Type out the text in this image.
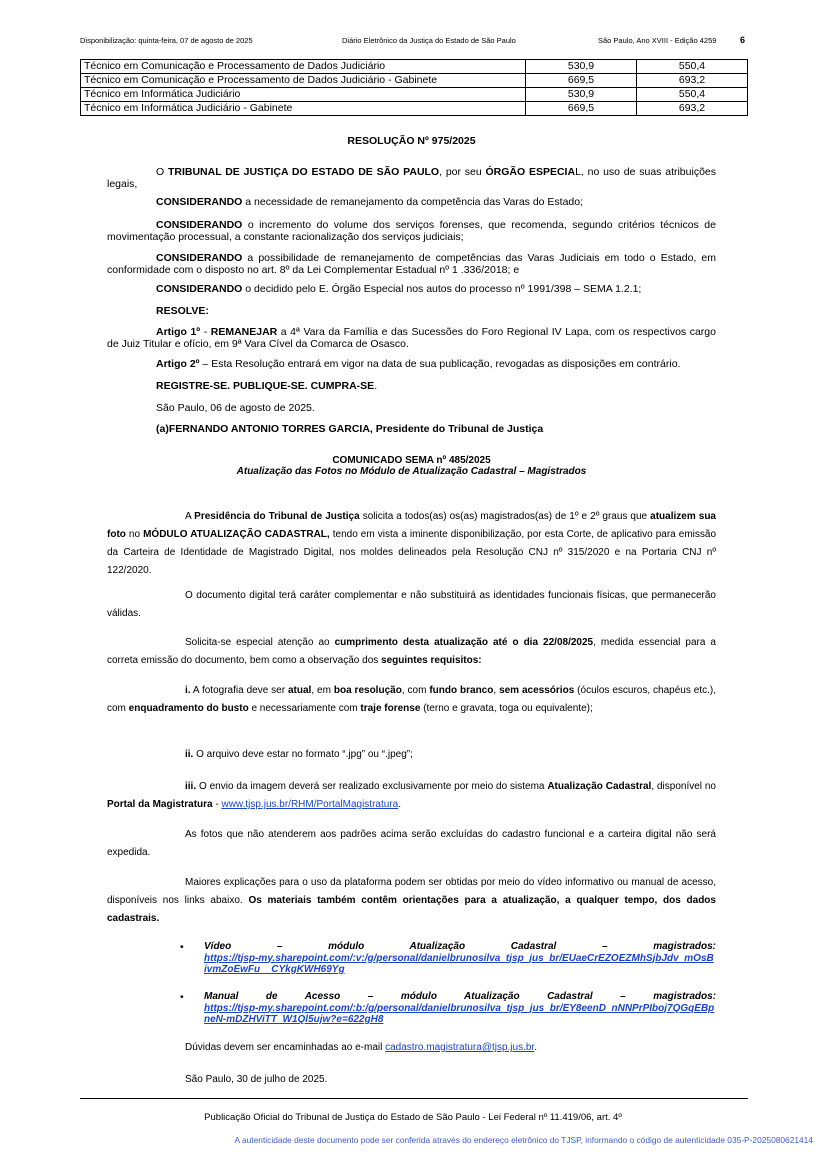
Disponibilização: quinta-feira, 07 de agosto de 2025	Diário Eletrônico da Justiça do Estado de São Paulo	São Paulo, Ano XVIII - Edição 4259	6
Técnico em Comunicação e Processamento de Dados Judiciário	530,9	550,4
Técnico em Comunicação e Processamento de Dados Judiciário - Gabinete	669,5	693,2
Técnico em Informática Judiciário	530,9	550,4
Técnico em Informática Judiciário - Gabinete	669,5	693,2
RESOLUÇÃO Nº 975/2025
O TRIBUNAL DE JUSTIÇA DO ESTADO DE SÃO PAULO, por seu ÓRGÃO ESPECIAL, no uso de suas atribuições legais,
CONSIDERANDO a necessidade de remanejamento da competência das Varas do Estado;
CONSIDERANDO o incremento do volume dos serviços forenses, que recomenda, segundo critérios técnicos de movimentação processual, a constante racionalização dos serviços judiciais;
CONSIDERANDO a possibilidade de remanejamento de competências das Varas Judiciais em todo o Estado, em conformidade com o disposto no art. 8º da Lei Complementar Estadual nº 1 .336/2018; e
CONSIDERANDO o decidido pelo E. Órgão Especial nos autos do processo nº 1991/398 – SEMA 1.2.1;
RESOLVE:
Artigo 1º - REMANEJAR a 4ª Vara da Família e das Sucessões do Foro Regional IV Lapa, com os respectivos cargo de Juiz Titular e ofício, em 9ª Vara Cível da Comarca de Osasco.
Artigo 2º – Esta Resolução entrará em vigor na data de sua publicação, revogadas as disposições em contrário.
REGISTRE-SE. PUBLIQUE-SE. CUMPRA-SE.
São Paulo, 06 de agosto de 2025.
(a)FERNANDO ANTONIO TORRES GARCIA, Presidente do Tribunal de Justiça
COMUNICADO SEMA nº 485/2025
Atualização das Fotos no Módulo de Atualização Cadastral – Magistrados
A Presidência do Tribunal de Justiça solicita a todos(as) os(as) magistrados(as) de 1º e 2º graus que atualizem sua foto no MÓDULO ATUALIZAÇÃO CADASTRAL, tendo em vista a iminente disponibilização, por esta Corte, de aplicativo para emissão da Carteira de Identidade de Magistrado Digital, nos moldes delineados pela Resolução CNJ nº 315/2020 e na Portaria CNJ nº 122/2020.
O documento digital terá caráter complementar e não substituirá as identidades funcionais físicas, que permanecerão válidas.
Solicita-se especial atenção ao cumprimento desta atualização até o dia 22/08/2025, medida essencial para a correta emissão do documento, bem como a observação dos seguintes requisitos:
i. A fotografia deve ser atual, em boa resolução, com fundo branco, sem acessórios (óculos escuros, chapéus etc.), com enquadramento do busto e necessariamente com traje forense (terno e gravata, toga ou equivalente);
ii. O arquivo deve estar no formato “.jpg” ou “.jpeg”;
iii. O envio da imagem deverá ser realizado exclusivamente por meio do sistema Atualização Cadastral, disponível no Portal da Magistratura - www.tjsp.jus.br/RHM/PortalMagistratura.
As fotos que não atenderem aos padrões acima serão excluídas do cadastro funcional e a carteira digital não será expedida.
Maiores explicações para o uso da plataforma podem ser obtidas por meio do vídeo informativo ou manual de acesso, disponíveis nos links abaixo. Os materiais também contêm orientações para a atualização, a qualquer tempo, dos dados cadastrais.
• Vídeo – módulo Atualização Cadastral – magistrados:
https://tjsp-my.sharepoint.com/:v:/g/personal/danielbrunosilva_tjsp_jus_br/EUaeCrEZOEZMhSjbJdv_mOsBivmZoEwFu__CYkgKWH69Yg
• Manual de Acesso – módulo Atualização Cadastral – magistrados:
https://tjsp-my.sharepoint.com/:b:/g/personal/danielbrunosilva_tjsp_jus_br/EY8eenD_nNNPrPIboj7QGqEBpneN-mDZHViTT_W1Ql5ujw?e=622gH8
Dúvidas devem ser encaminhadas ao e-mail cadastro.magistratura@tjsp.jus.br.
São Paulo, 30 de julho de 2025.
Publicação Oficial do Tribunal de Justiça do Estado de São Paulo - Lei Federal nº 11.419/06, art. 4º
A autenticidade deste documento pode ser conferida através do endereço eletrônico do TJSP, informando o código de autenticidade 035-P-2025080621414
